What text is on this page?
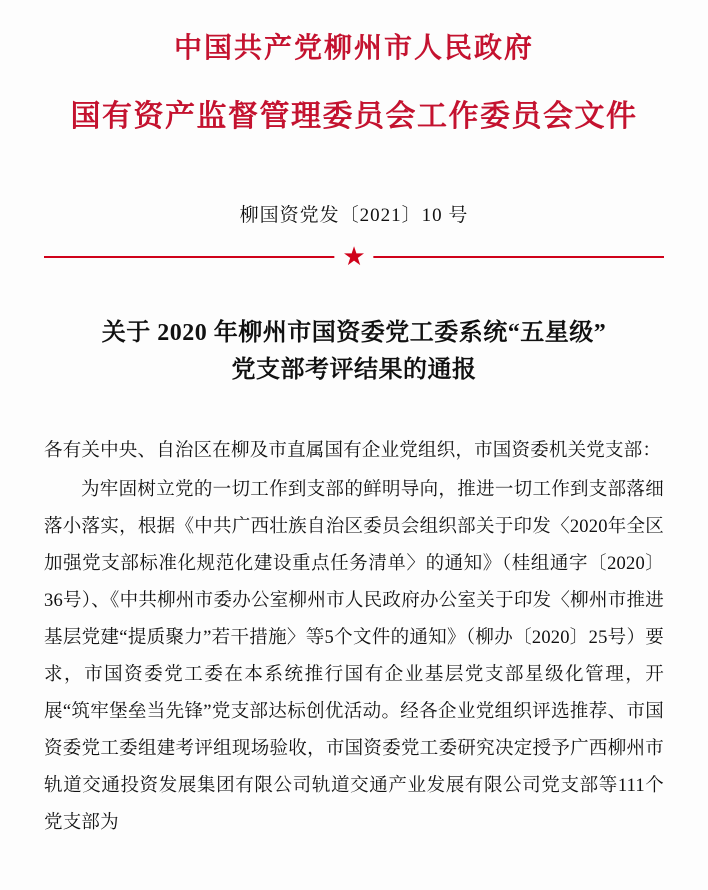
中国共产党柳州市人民政府
国有资产监督管理委员会工作委员会文件
柳国资党发〔2021〕10 号
★
关于 2020 年柳州市国资委党工委系统“五星级”
党支部考评结果的通报

各有关中央、自治区在柳及市直属国有企业党组织，市国资委机关党支部：

为牢固树立党的一切工作到支部的鲜明导向，推进一切工作到支部落细落小落实，根据《中共广西壮族自治区委员会组织部关于印发〈2020年全区加强党支部标准化规范化建设重点任务清单〉的通知》（桂组通字〔2020〕36号）、《中共柳州市委办公室柳州市人民政府办公室关于印发〈柳州市推进基层党建“提质聚力”若干措施〉等5个文件的通知》（柳办〔2020〕25号）要求，市国资委党工委在本系统推行国有企业基层党支部星级化管理，开展“筑牢堡垒当先锋”党支部达标创优活动。经各企业党组织评选推荐、市国资委党工委组建考评组现场验收，市国资委党工委研究决定授予广西柳州市轨道交通投资发展集团有限公司轨道交通产业发展有限公司党支部等111个党支部为
